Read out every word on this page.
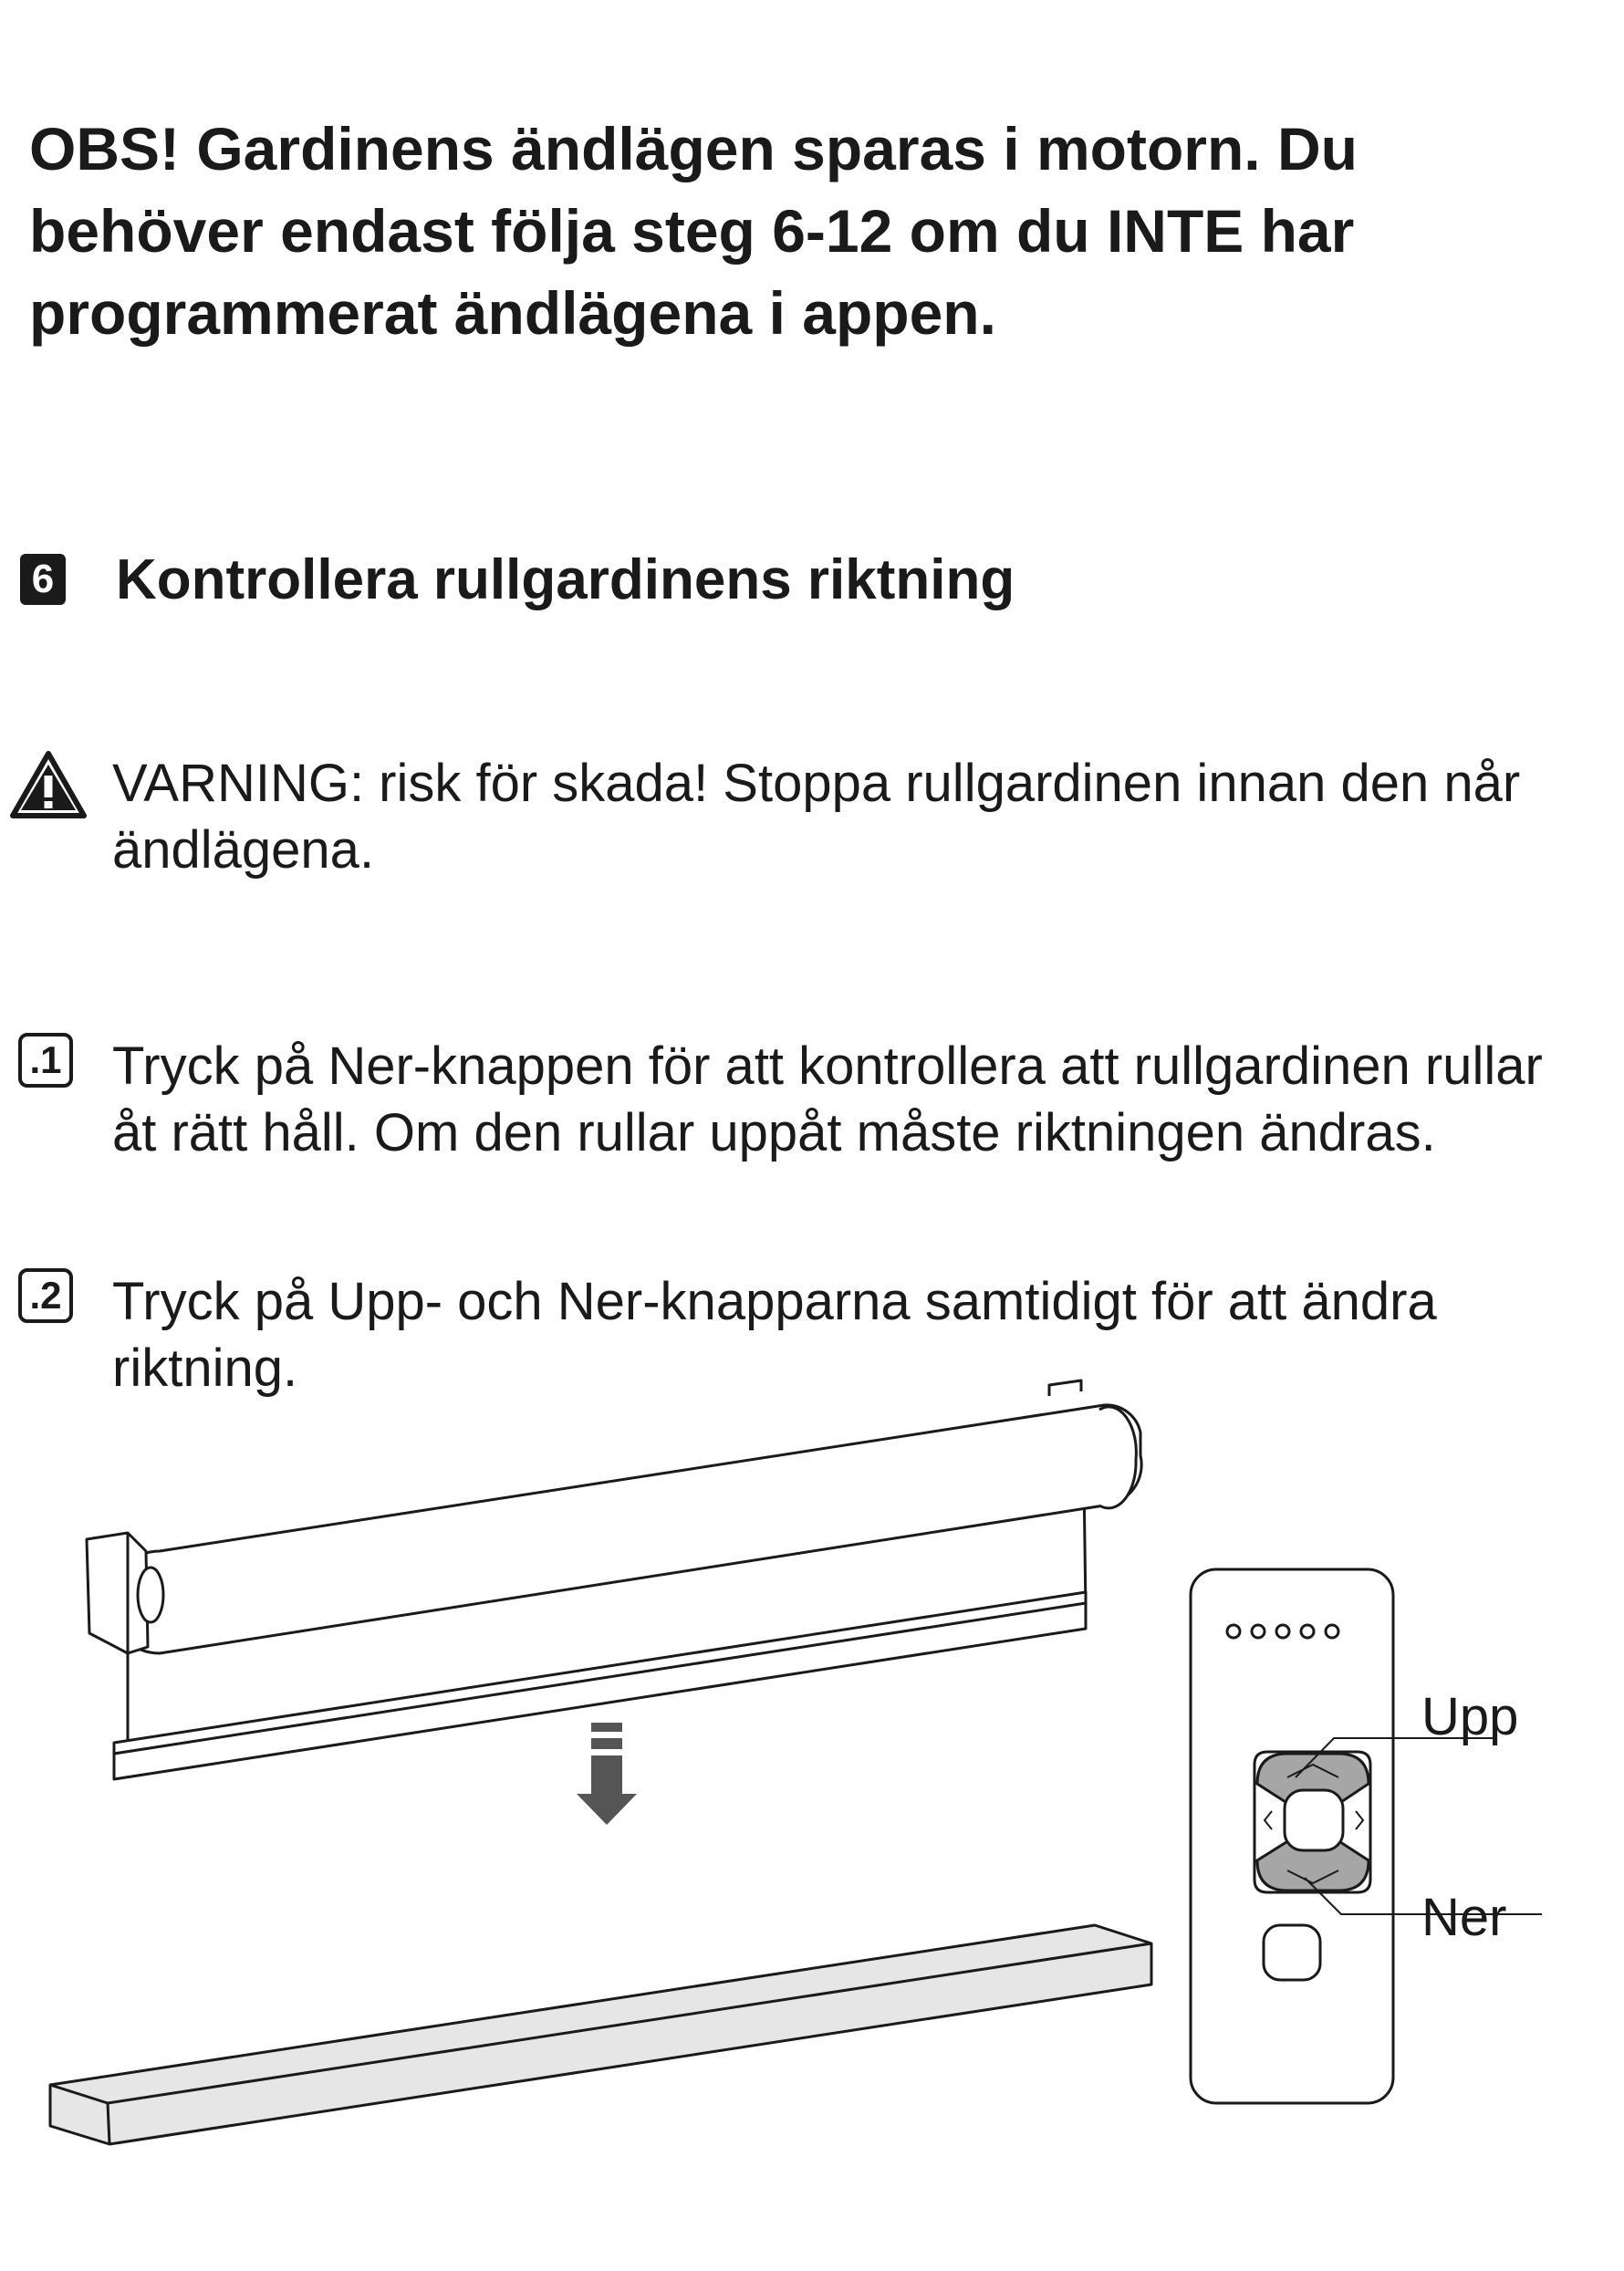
OBS! Gardinens ändlägen sparas i motorn. Du behöver endast följa steg 6-12 om du INTE har programmerat ändlägena i appen.

6 Kontrollera rullgardinens riktning

VARNING: risk för skada! Stoppa rullgardinen innan den når ändlägena.

.1 Tryck på Ner-knappen för att kontrollera att rullgardinen rullar åt rätt håll. Om den rullar uppåt måste riktningen ändras.

.2 Tryck på Upp- och Ner-knapparna samtidigt för att ändra riktning.

Upp
Ner
